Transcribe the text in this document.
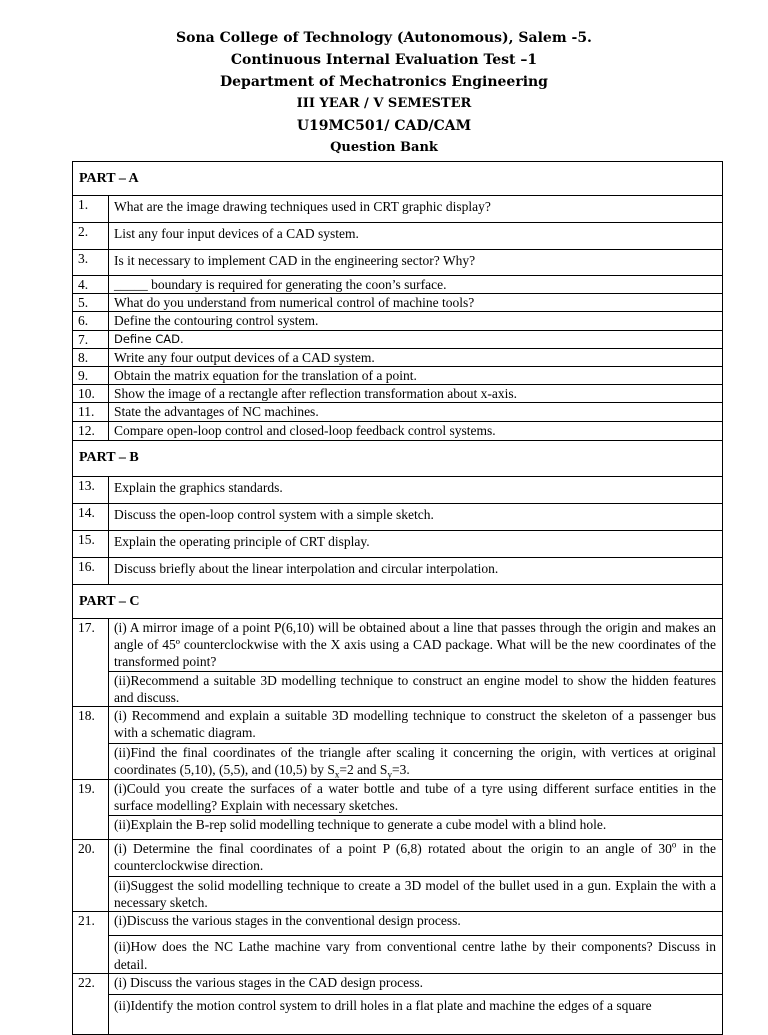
Sona College of Technology (Autonomous), Salem -5.
Continuous Internal Evaluation Test –1
Department of Mechatronics Engineering
III YEAR / V SEMESTER
U19MC501/ CAD/CAM
Question Bank
PART – A	
1.	What are the image drawing techniques used in CRT graphic display?
2.	List any four input devices of a CAD system.
3.	Is it necessary to implement CAD in the engineering sector? Why?
4.	_____ boundary is required for generating the coon’s surface.
5.	What do you understand from numerical control of machine tools?
6.	Define the contouring control system.
7.	Define CAD.
8.	Write any four output devices of a CAD system.
9.	Obtain the matrix equation for the translation of a point.
10.	Show the image of a rectangle after reflection transformation about x-axis.
11.	State the advantages of NC machines.
12.	Compare open-loop control and closed-loop feedback control systems.
PART – B	
13.	Explain the graphics standards.
14.	Discuss the open-loop control system with a simple sketch.
15.	Explain the operating principle of CRT display.
16.	Discuss briefly about the linear interpolation and circular interpolation.
PART – C	
17.	(i) A mirror image of a point P(6,10) will be obtained about a line that passes through the origin and makes an angle of 45º counterclockwise with the X axis using a CAD package. What will be the new coordinates of the transformed point?
	(ii)Recommend a suitable 3D modelling technique to construct an engine model to show the hidden features and discuss.
18.	(i) Recommend and explain a suitable 3D modelling technique to construct the skeleton of a passenger bus with a schematic diagram.
	(ii)Find the final coordinates of the triangle after scaling it concerning the origin, with vertices at original coordinates (5,10), (5,5), and (10,5) by $S_x=2$ and $S_y=3$.
19.	(i)Could you create the surfaces of a water bottle and tube of a tyre using different surface entities in the surface modelling? Explain with necessary sketches.
	(ii)Explain the B-rep solid modelling technique to generate a cube model with a blind hole.
20.	(i) Determine the final coordinates of a point P (6,8) rotated about the origin to an angle of 30$^o$ in the counterclockwise direction.
	(ii)Suggest the solid modelling technique to create a 3D model of the bullet used in a gun. Explain the with a necessary sketch.
21.	(i)Discuss the various stages in the conventional design process.
	(ii)How does the NC Lathe machine vary from conventional centre lathe by their components? Discuss in detail.
22.	(i) Discuss the various stages in the CAD design process.
	(ii)Identify the motion control system to drill holes in a flat plate and machine the edges of a square
